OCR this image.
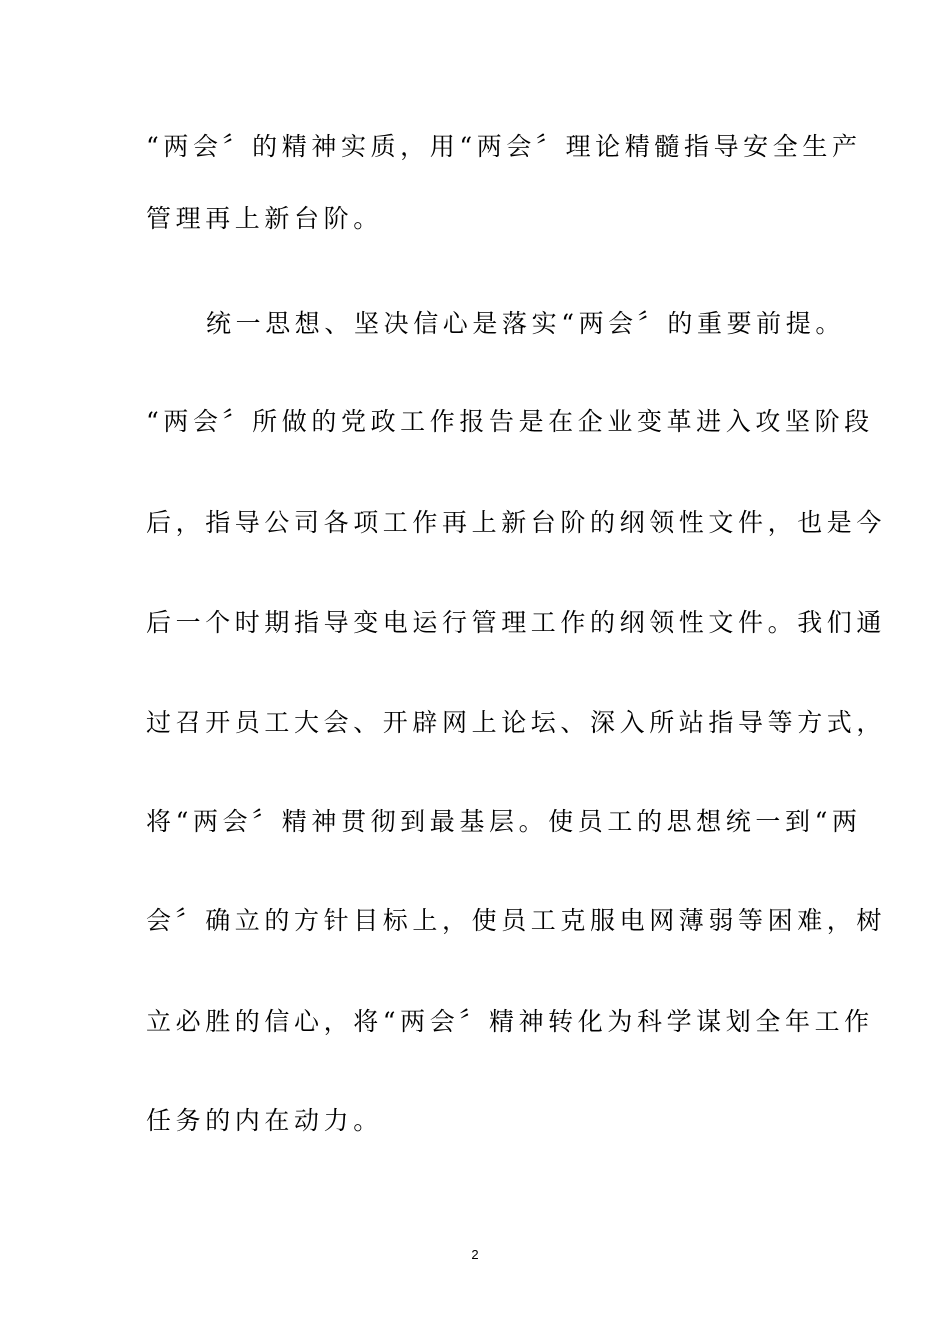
“两会〞的精神实质，用“两会〞理论精髓指导安全生产
管理再上新台阶。
统一思想、坚决信心是落实“两会〞的重要前提。
“两会〞所做的党政工作报告是在企业变革进入攻坚阶段
后，指导公司各项工作再上新台阶的纲领性文件，也是今
后一个时期指导变电运行管理工作的纲领性文件。我们通
过召开员工大会、开辟网上论坛、深入所站指导等方式，
将“两会〞精神贯彻到最基层。使员工的思想统一到“两
会〞确立的方针目标上，使员工克服电网薄弱等困难，树
立必胜的信心，将“两会〞精神转化为科学谋划全年工作
任务的内在动力。
2
